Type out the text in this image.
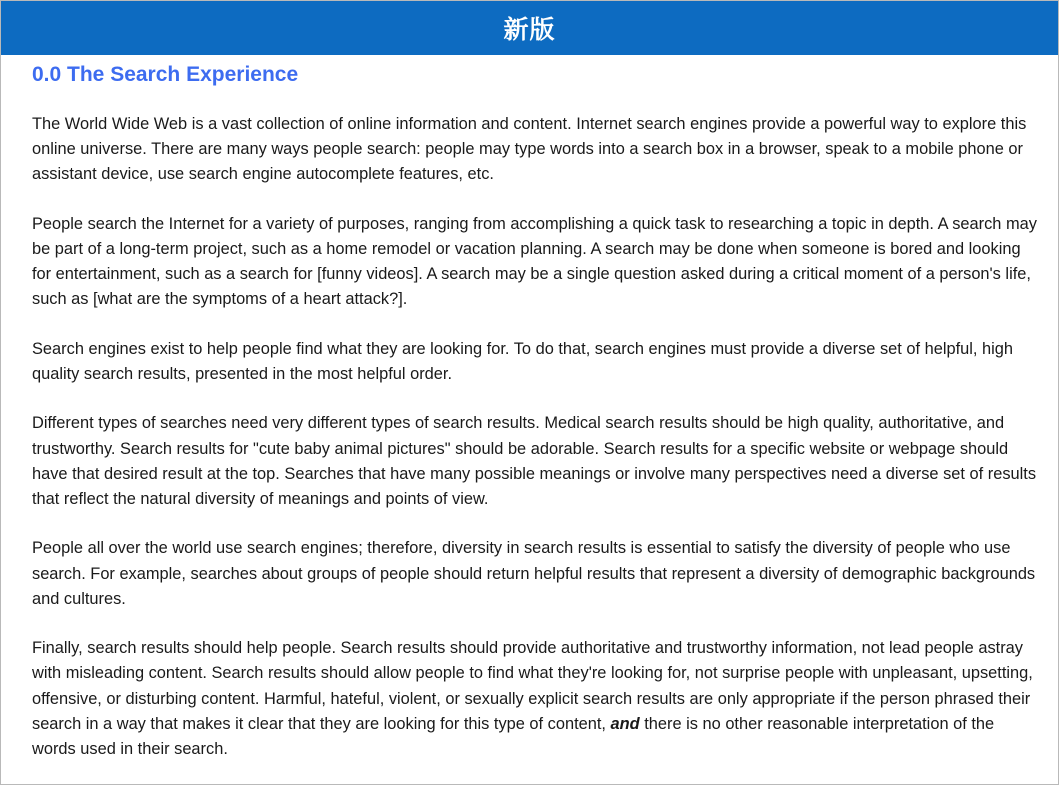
新版
0.0 The Search Experience

The World Wide Web is a vast collection of online information and content. Internet search engines provide a powerful way to explore this online universe. There are many ways people search: people may type words into a search box in a browser, speak to a mobile phone or assistant device, use search engine autocomplete features, etc.

People search the Internet for a variety of purposes, ranging from accomplishing a quick task to researching a topic in depth. A search may be part of a long-term project, such as a home remodel or vacation planning. A search may be done when someone is bored and looking for entertainment, such as a search for [funny videos]. A search may be a single question asked during a critical moment of a person's life, such as [what are the symptoms of a heart attack?].

Search engines exist to help people find what they are looking for. To do that, search engines must provide a diverse set of helpful, high quality search results, presented in the most helpful order.

Different types of searches need very different types of search results. Medical search results should be high quality, authoritative, and trustworthy. Search results for "cute baby animal pictures" should be adorable. Search results for a specific website or webpage should have that desired result at the top. Searches that have many possible meanings or involve many perspectives need a diverse set of results that reflect the natural diversity of meanings and points of view.

People all over the world use search engines; therefore, diversity in search results is essential to satisfy the diversity of people who use search. For example, searches about groups of people should return helpful results that represent a diversity of demographic backgrounds and cultures.

Finally, search results should help people. Search results should provide authoritative and trustworthy information, not lead people astray with misleading content. Search results should allow people to find what they're looking for, not surprise people with unpleasant, upsetting, offensive, or disturbing content. Harmful, hateful, violent, or sexually explicit search results are only appropriate if the person phrased their search in a way that makes it clear that they are looking for this type of content, and there is no other reasonable interpretation of the words used in their search.
